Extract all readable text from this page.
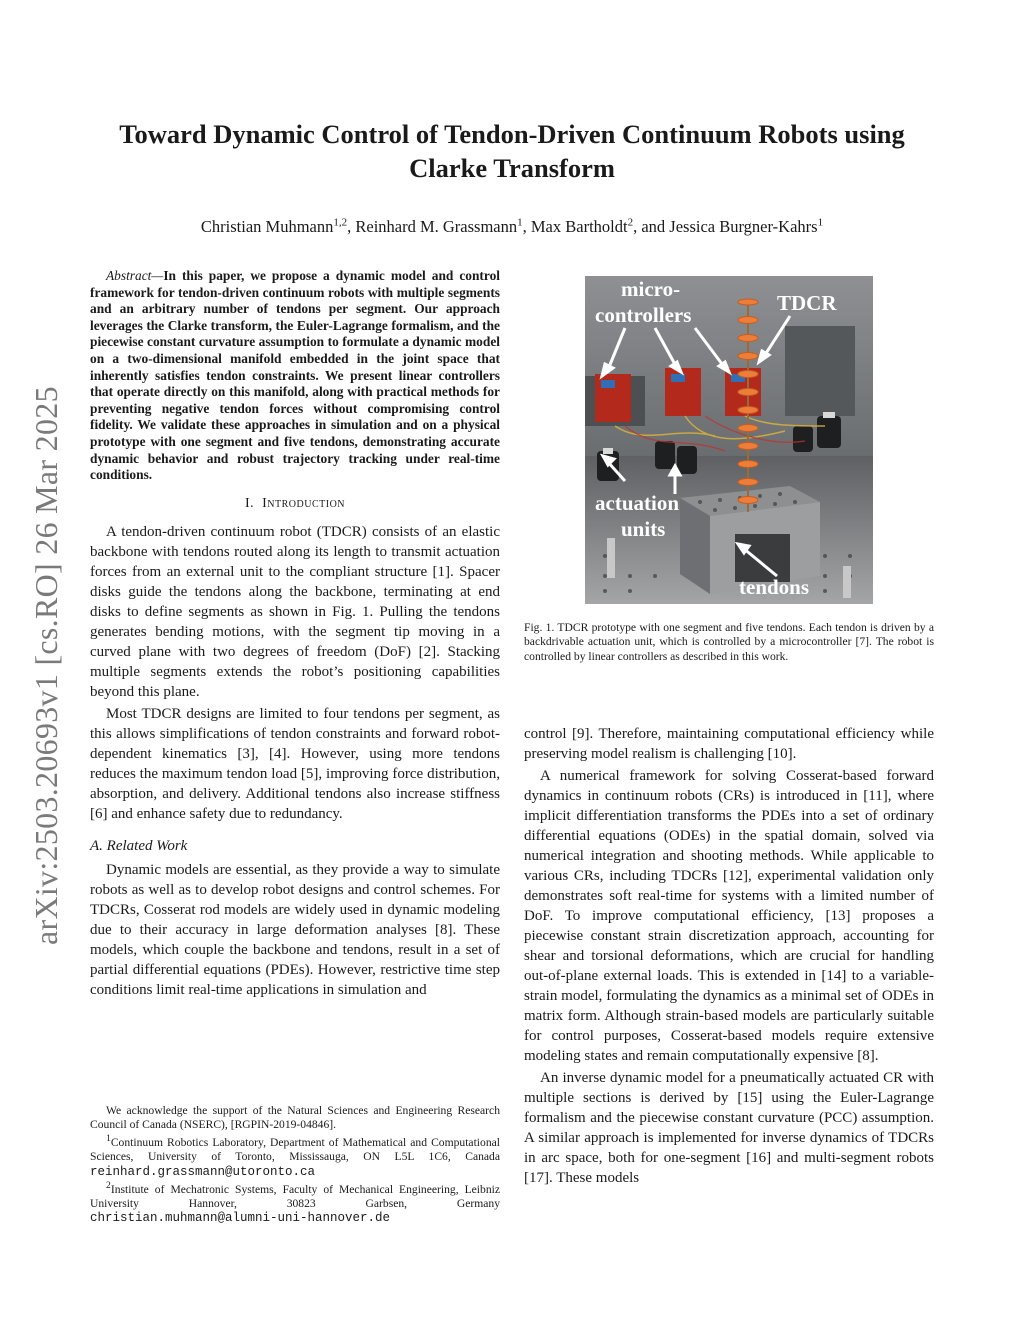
arXiv:2503.20693v1 [cs.RO] 26 Mar 2025
Toward Dynamic Control of Tendon-Driven Continuum Robots using Clarke Transform
Christian Muhmann$^{1,2}$, Reinhard M. Grassmann$^1$, Max Bartholdt$^2$, and Jessica Burgner-Kahrs$^1$

Abstract—In this paper, we propose a dynamic model and control framework for tendon-driven continuum robots with multiple segments and an arbitrary number of tendons per segment. Our approach leverages the Clarke transform, the Euler-Lagrange formalism, and the piecewise constant curvature assumption to formulate a dynamic model on a two-dimensional manifold embedded in the joint space that inherently satisfies tendon constraints. We present linear controllers that operate directly on this manifold, along with practical methods for preventing negative tendon forces without compromising control fidelity. We validate these approaches in simulation and on a physical prototype with one segment and five tendons, demonstrating accurate dynamic behavior and robust trajectory tracking under real-time conditions.

I. Introduction

A tendon-driven continuum robot (TDCR) consists of an elastic backbone with tendons routed along its length to transmit actuation forces from an external unit to the compliant structure [1]. Spacer disks guide the tendons along the backbone, terminating at end disks to define segments as shown in Fig. 1. Pulling the tendons generates bending motions, with the segment tip moving in a curved plane with two degrees of freedom (DoF) [2]. Stacking multiple segments extends the robot’s positioning capabilities beyond this plane.

Most TDCR designs are limited to four tendons per segment, as this allows simplifications of tendon constraints and forward robot-dependent kinematics [3], [4]. However, using more tendons reduces the maximum tendon load [5], improving force distribution, absorption, and delivery. Additional tendons also increase stiffness [6] and enhance safety due to redundancy.

A. Related Work

Dynamic models are essential, as they provide a way to simulate robots as well as to develop robot designs and control schemes. For TDCRs, Cosserat rod models are widely used in dynamic modeling due to their accuracy in large deformation analyses [8]. These models, which couple the backbone and tendons, result in a set of partial differential equations (PDEs). However, restrictive time step conditions limit real-time applications in simulation and

We acknowledge the support of the Natural Sciences and Engineering Research Council of Canada (NSERC), [RGPIN-2019-04846].

$^1$Continuum Robotics Laboratory, Department of Mathematical and Computational Sciences, University of Toronto, Mississauga, ON L5L 1C6, Canada reinhard.grassmann@utoronto.ca

$^2$Institute of Mechatronic Systems, Faculty of Mechanical Engineering, Leibniz University Hannover, 30823 Garbsen, Germany christian.muhmann@alumni-uni-hannover.de

micro-
controllers	TDCR
actuation
units
tendons
Fig. 1. TDCR prototype with one segment and five tendons. Each tendon is driven by a backdrivable actuation unit, which is controlled by a microcontroller [7]. The robot is controlled by linear controllers as described in this work.

control [9]. Therefore, maintaining computational efficiency while preserving model realism is challenging [10].

A numerical framework for solving Cosserat-based forward dynamics in continuum robots (CRs) is introduced in [11], where implicit differentiation transforms the PDEs into a set of ordinary differential equations (ODEs) in the spatial domain, solved via numerical integration and shooting methods. While applicable to various CRs, including TDCRs [12], experimental validation only demonstrates soft real-time for systems with a limited number of DoF. To improve computational efficiency, [13] proposes a piecewise constant strain discretization approach, accounting for shear and torsional deformations, which are crucial for handling out-of-plane external loads. This is extended in [14] to a variable-strain model, formulating the dynamics as a minimal set of ODEs in matrix form. Although strain-based models are particularly suitable for control purposes, Cosserat-based models require extensive modeling states and remain computationally expensive [8].

An inverse dynamic model for a pneumatically actuated CR with multiple sections is derived by [15] using the Euler-Lagrange formalism and the piecewise constant curvature (PCC) assumption. A similar approach is implemented for inverse dynamics of TDCRs in arc space, both for one-segment [16] and multi-segment robots [17]. These models
